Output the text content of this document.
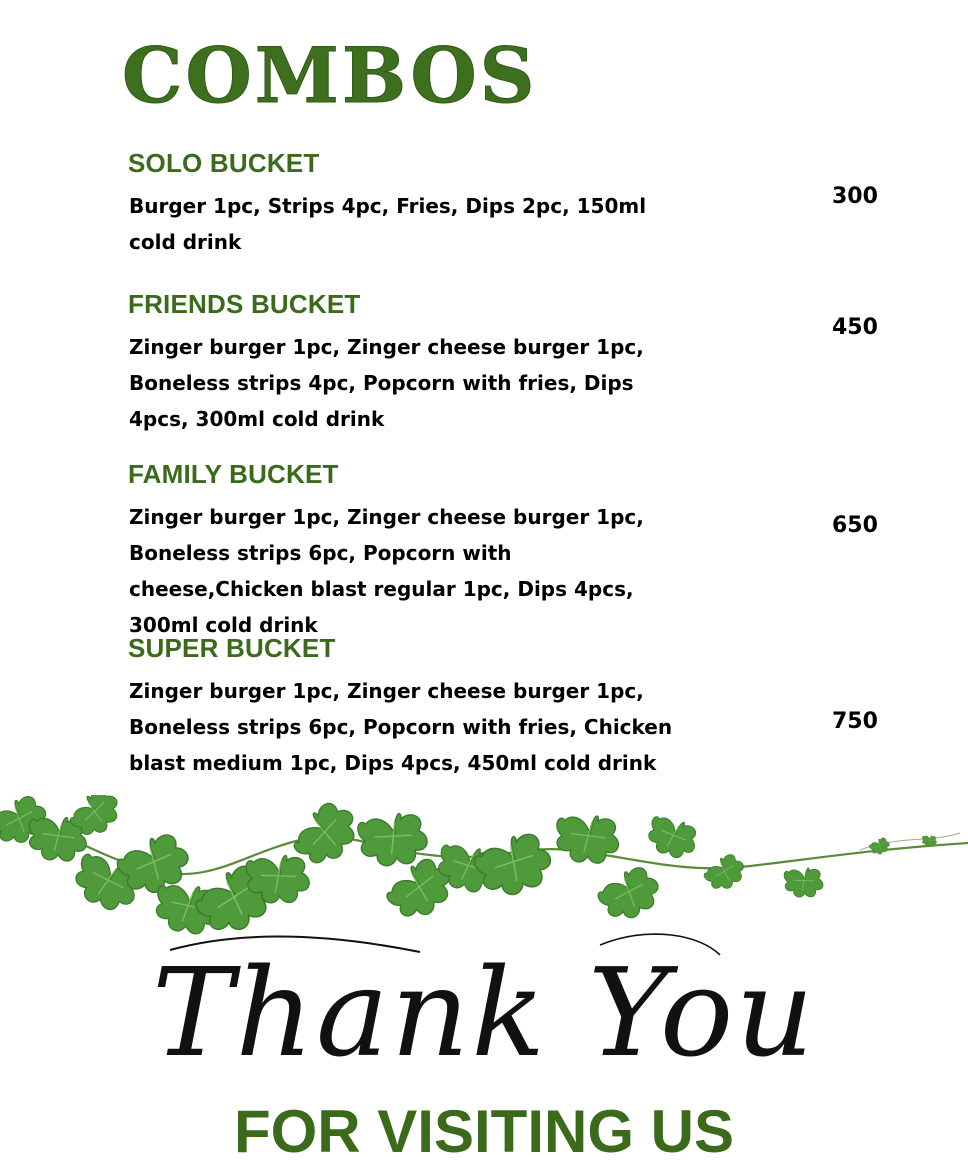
COMBOS
SOLO BUCKET
Burger 1pc, Strips 4pc, Fries, Dips 2pc, 150ml cold drink
300
FRIENDS BUCKET
Zinger burger 1pc, Zinger cheese burger 1pc, Boneless strips 4pc, Popcorn with fries, Dips 4pcs, 300ml cold drink
450
FAMILY BUCKET
Zinger burger 1pc, Zinger cheese burger 1pc, Boneless strips 6pc, Popcorn with cheese,Chicken blast regular 1pc, Dips 4pcs, 300ml cold drink
650
SUPER BUCKET
Zinger burger 1pc, Zinger cheese burger 1pc, Boneless strips 6pc, Popcorn with fries, Chicken blast medium 1pc, Dips 4pcs, 450ml cold drink
750
Thank You
FOR VISITING US
